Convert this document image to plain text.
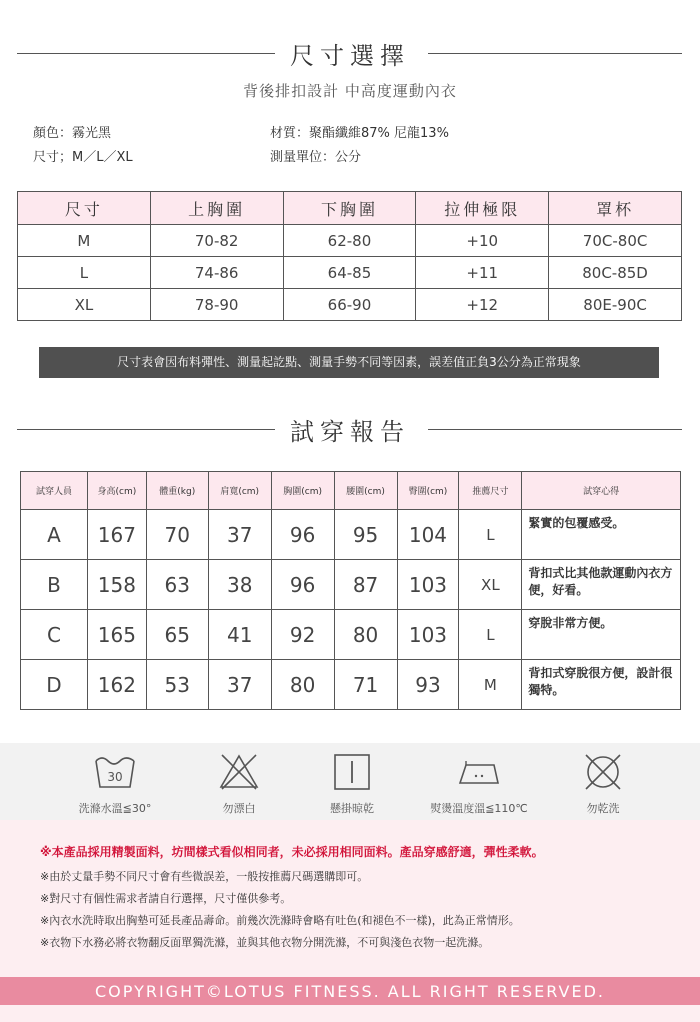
尺寸選擇
背後排扣設計 中高度運動內衣
顏色：霧光黑
尺寸；M／L／XL
材質：聚酯纖維87% 尼龍13%
測量單位：公分
尺寸	上胸圍	下胸圍	拉伸極限	罩杯
M	70-82	62-80	+10	70C-80C
L	74-86	64-85	+11	80C-85D
XL	78-90	66-90	+12	80E-90C
尺寸表會因布料彈性、測量起訖點、測量手勢不同等因素，誤差值正負3公分為正常現象
試穿報告
試穿人員	身高(cm)	體重(kg)	肩寬(cm)	胸圍(cm)	腰圍(cm)	臀圍(cm)	推薦尺寸	試穿心得
A	167	70	37	96	95	104	L	緊實的包覆感受。
B	158	63	38	96	87	103	XL	背扣式比其他款運動內衣方便，好看。
C	165	65	41	92	80	103	L	穿脫非常方便。
D	162	53	37	80	71	93	M	背扣式穿脫很方便，設計很獨特。
30
洗滌水溫≦30°	勿漂白	懸掛晾乾	熨燙溫度溫≦110℃	勿乾洗
※本產品採用精製面料，坊間樣式看似相同者，未必採用相同面料。產品穿感舒適，彈性柔軟。
※由於丈量手勢不同尺寸會有些微誤差，一般按推薦尺碼選購即可。
※對尺寸有個性需求者請自行選擇，尺寸僅供參考。
※內衣水洗時取出胸墊可延長產品壽命。前幾次洗滌時會略有吐色(和褪色不一樣)，此為正常情形。
※衣物下水務必將衣物翻反面單獨洗滌，並與其他衣物分開洗滌，不可與淺色衣物一起洗滌。
COPYRIGHT©LOTUS FITNESS. ALL RIGHT RESERVED.
